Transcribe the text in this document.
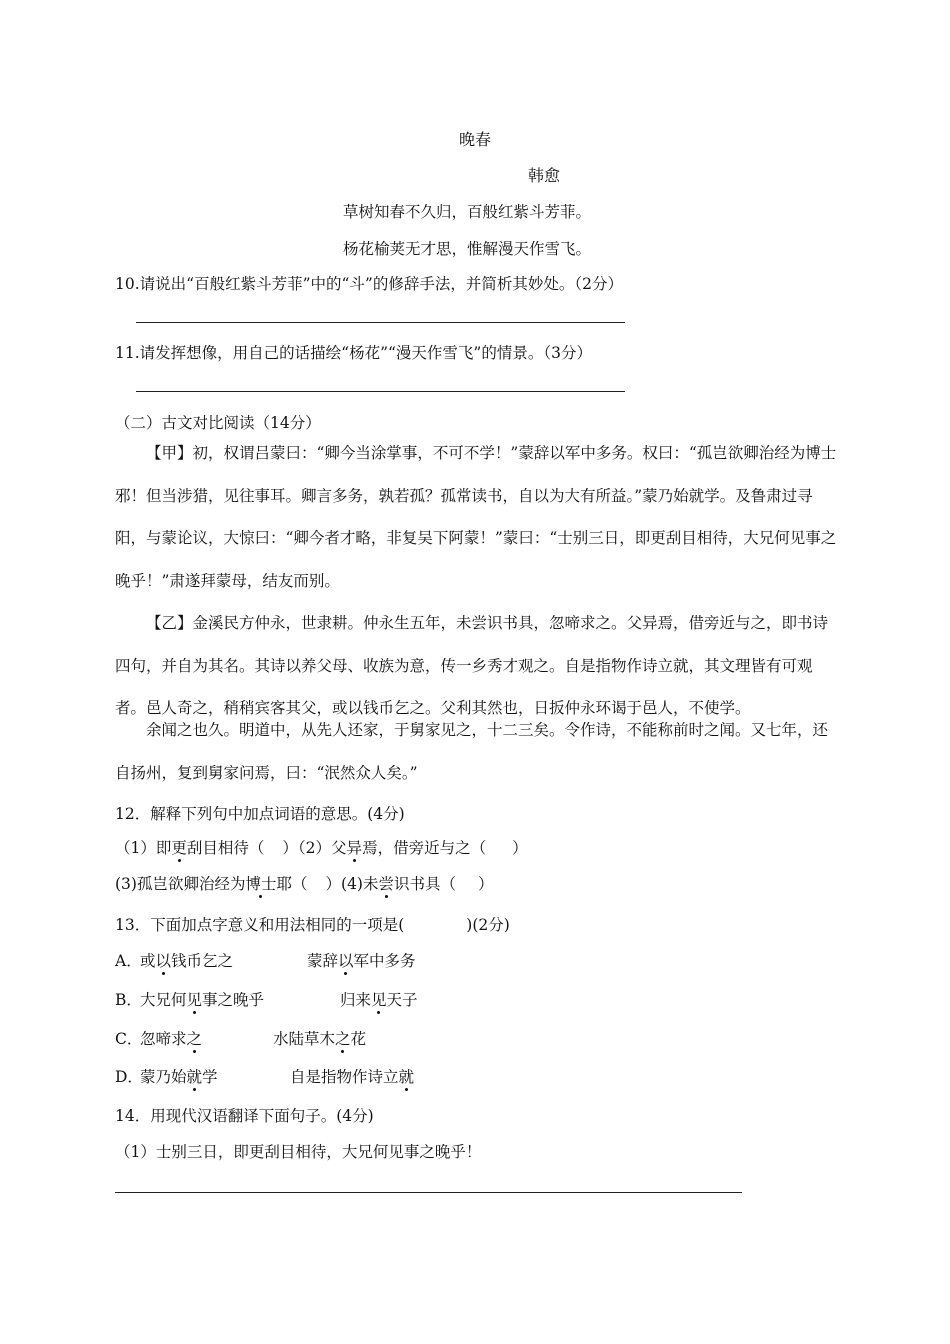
晚春
韩愈
草树知春不久归，百般红紫斗芳菲。
杨花榆荚无才思，惟解漫天作雪飞。
10.请说出“百般红紫斗芳菲”中的“斗”的修辞手法，并简析其妙处。（2分）
11.请发挥想像，用自己的话描绘“杨花”“漫天作雪飞”的情景。（3分）
（二）古文对比阅读（14分）
【甲】初，权谓吕蒙曰：“卿今当涂掌事，不可不学！”蒙辞以军中多务。权曰：“孤岂欲卿治经为博士邪！但当涉猎，见往事耳。卿言多务，孰若孤？孤常读书，自以为大有所益。”蒙乃始就学。及鲁肃过寻阳，与蒙论议，大惊曰：“卿今者才略，非复吴下阿蒙！”蒙曰：“士别三日，即更刮目相待，大兄何见事之晚乎！”肃遂拜蒙母，结友而别。
【乙】金溪民方仲永，世隶耕。仲永生五年，未尝识书具，忽啼求之。父异焉，借旁近与之，即书诗四句，并自为其名。其诗以养父母、收族为意，传一乡秀才观之。自是指物作诗立就，其文理皆有可观者。邑人奇之，稍稍宾客其父，或以钱币乞之。父利其然也，日扳仲永环谒于邑人，不使学。
余闻之也久。明道中，从先人还家，于舅家见之，十二三矣。令作诗，不能称前时之闻。又七年，还自扬州，复到舅家问焉，曰：“泯然众人矣。”
12．解释下列句中加点词语的意思。(4分)
（1）即更刮目相待（ ）（2）父异焉，借旁近与之（ ）
(3)孤岂欲卿治经为博士耶（ ）(4)未尝识书具（ ）
13．下面加点字意义和用法相同的一项是(　　　　)(2分)
A．
或以钱币乞之	蒙辞以军中多务
B．
大兄何见事之晚乎	归来见天子
C．
忽啼求之	水陆草木之花
D．
蒙乃始就学	自是指物作诗立就
14．用现代汉语翻译下面句子。(4分)
（1）士别三日，即更刮目相待，大兄何见事之晚乎！
